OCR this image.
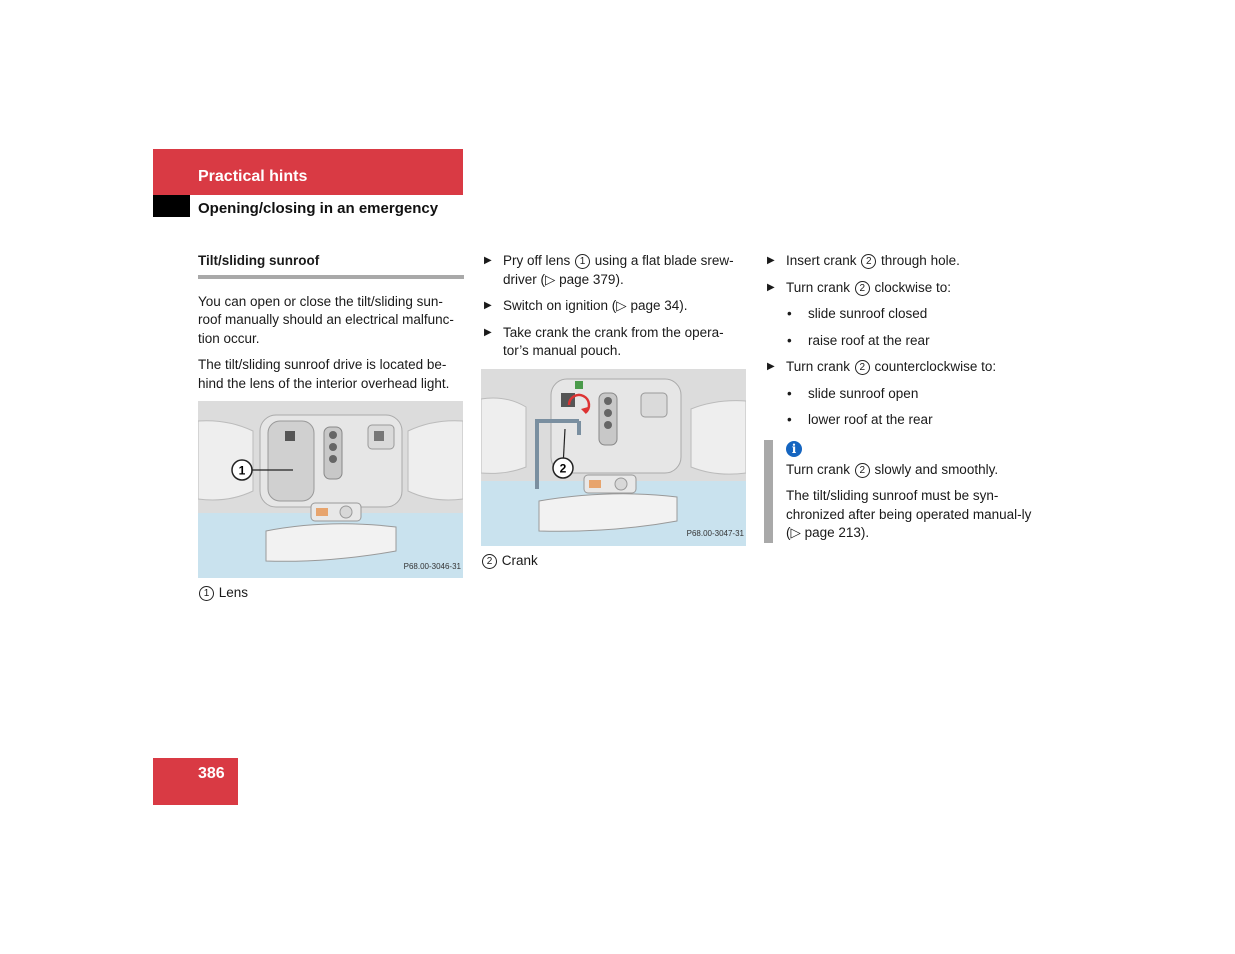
Practical hints
Opening/closing in an emergency
Tilt/sliding sunroof

You can open or close the tilt/sliding sun-roof manually should an electrical malfunc-tion occur.

The tilt/sliding sunroof drive is located be-hind the lens of the interior overhead light.

1
P68.00-3046-31
1 Lens
▶ Pry off lens 1 using a flat blade srew-driver (▷ page 379).
▶ Switch on ignition (▷ page 34).
▶ Take crank the crank from the opera-tor’s manual pouch.
2
P68.00-3047-31
2 Crank
▶ Insert crank 2 through hole.
▶ Turn crank 2 clockwise to:
• slide sunroof closed
• raise roof at the rear
▶ Turn crank 2 counterclockwise to:
• slide sunroof open
• lower roof at the rear
i

Turn crank 2 slowly and smoothly.

The tilt/sliding sunroof must be syn-chronized after being operated manual-ly (▷ page 213).

386
